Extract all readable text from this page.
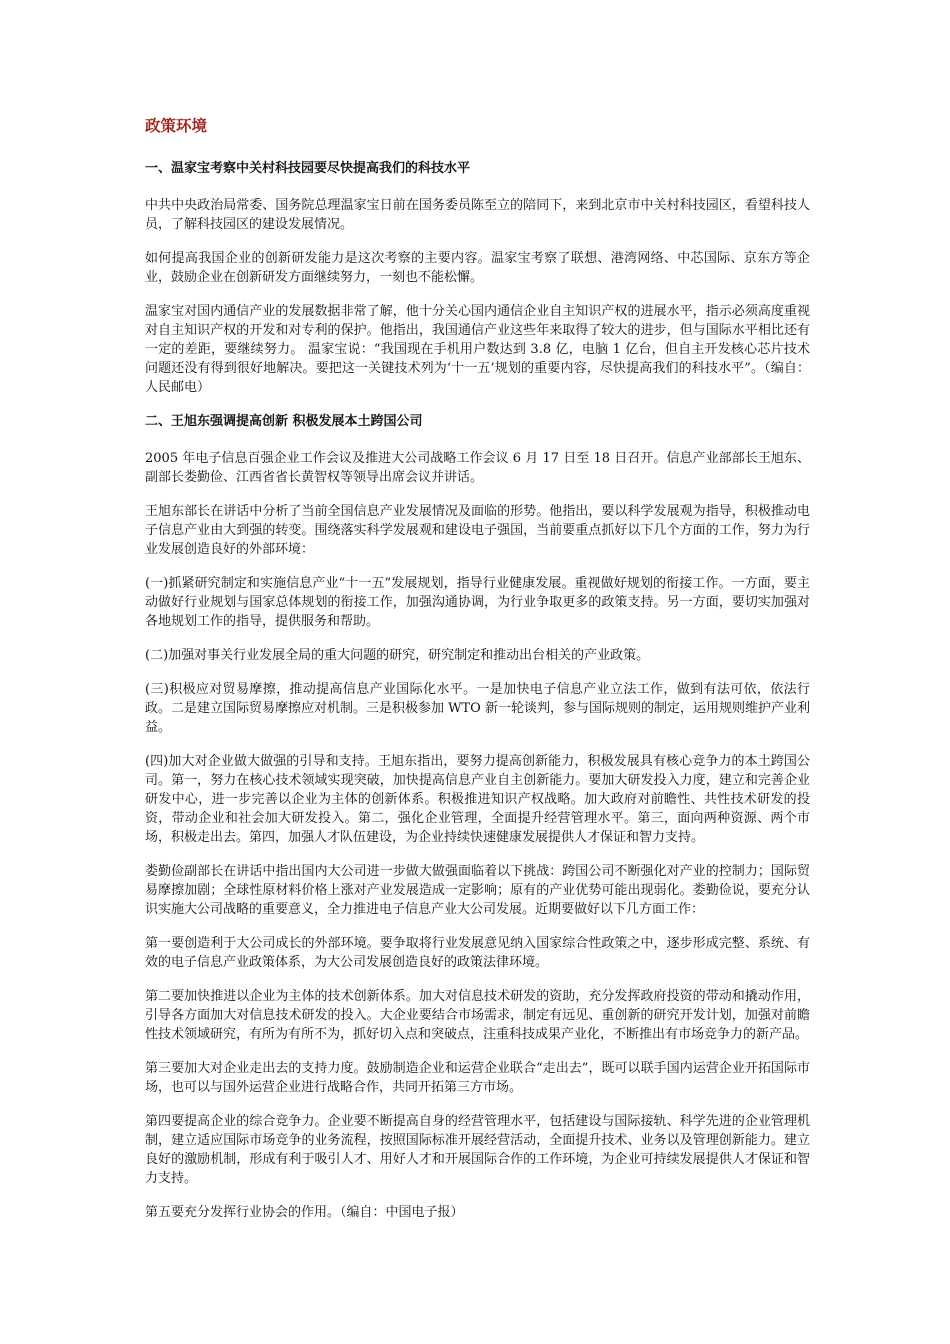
政策环境
一、温家宝考察中关村科技园要尽快提高我们的科技水平

中共中央政治局常委、国务院总理温家宝日前在国务委员陈至立的陪同下，来到北京市中关村科技园区，看望科技人员，了解科技园区的建设发展情况。

如何提高我国企业的创新研发能力是这次考察的主要内容。温家宝考察了联想、港湾网络、中芯国际、京东方等企业，鼓励企业在创新研发方面继续努力，一刻也不能松懈。

温家宝对国内通信产业的发展数据非常了解，他十分关心国内通信企业自主知识产权的进展水平，指示必须高度重视对自主知识产权的开发和对专利的保护。他指出，我国通信产业这些年来取得了较大的进步，但与国际水平相比还有一定的差距，要继续努力。 温家宝说：“我国现在手机用户数达到 3.8 亿，电脑 1 亿台，但自主开发核心芯片技术问题还没有得到很好地解决。要把这一关键技术列为‘十一五’规划的重要内容，尽快提高我们的科技水平”。（编自：人民邮电）

二、王旭东强调提高创新 积极发展本土跨国公司

2005 年电子信息百强企业工作会议及推进大公司战略工作会议 6 月 17 日至 18 日召开。信息产业部部长王旭东、副部长娄勤俭、江西省省长黄智权等领导出席会议并讲话。

王旭东部长在讲话中分析了当前全国信息产业发展情况及面临的形势。他指出，要以科学发展观为指导，积极推动电子信息产业由大到强的转变。围绕落实科学发展观和建设电子强国，当前要重点抓好以下几个方面的工作，努力为行业发展创造良好的外部环境：

(一)抓紧研究制定和实施信息产业“十一五”发展规划，指导行业健康发展。重视做好规划的衔接工作。一方面，要主动做好行业规划与国家总体规划的衔接工作，加强沟通协调，为行业争取更多的政策支持。另一方面，要切实加强对各地规划工作的指导，提供服务和帮助。

(二)加强对事关行业发展全局的重大问题的研究，研究制定和推动出台相关的产业政策。

(三)积极应对贸易摩擦，推动提高信息产业国际化水平。一是加快电子信息产业立法工作，做到有法可依，依法行政。二是建立国际贸易摩擦应对机制。三是积极参加 WTO 新一轮谈判，参与国际规则的制定，运用规则维护产业利益。

(四)加大对企业做大做强的引导和支持。王旭东指出，要努力提高创新能力，积极发展具有核心竞争力的本土跨国公司。第一，努力在核心技术领域实现突破，加快提高信息产业自主创新能力。要加大研发投入力度，建立和完善企业研发中心，进一步完善以企业为主体的创新体系。积极推进知识产权战略。加大政府对前瞻性、共性技术研发的投资，带动企业和社会加大研发投入。第二，强化企业管理，全面提升经营管理水平。第三，面向两种资源、两个市场，积极走出去。第四，加强人才队伍建设，为企业持续快速健康发展提供人才保证和智力支持。

娄勤俭副部长在讲话中指出国内大公司进一步做大做强面临着以下挑战：跨国公司不断强化对产业的控制力；国际贸易摩擦加剧；全球性原材料价格上涨对产业发展造成一定影响；原有的产业优势可能出现弱化。娄勤俭说，要充分认识实施大公司战略的重要意义，全力推进电子信息产业大公司发展。近期要做好以下几方面工作：

第一要创造利于大公司成长的外部环境。要争取将行业发展意见纳入国家综合性政策之中，逐步形成完整、系统、有效的电子信息产业政策体系，为大公司发展创造良好的政策法律环境。

第二要加快推进以企业为主体的技术创新体系。加大对信息技术研发的资助，充分发挥政府投资的带动和撬动作用，引导各方面加大对信息技术研发的投入。大企业要结合市场需求，制定有远见、重创新的研究开发计划，加强对前瞻性技术领域研究，有所为有所不为，抓好切入点和突破点，注重科技成果产业化，不断推出有市场竞争力的新产品。

第三要加大对企业走出去的支持力度。鼓励制造企业和运营企业联合“走出去”，既可以联手国内运营企业开拓国际市场，也可以与国外运营企业进行战略合作，共同开拓第三方市场。

第四要提高企业的综合竞争力。企业要不断提高自身的经营管理水平，包括建设与国际接轨、科学先进的企业管理机制，建立适应国际市场竞争的业务流程，按照国际标准开展经营活动，全面提升技术、业务以及管理创新能力。建立良好的激励机制，形成有利于吸引人才、用好人才和开展国际合作的工作环境，为企业可持续发展提供人才保证和智力支持。

第五要充分发挥行业协会的作用。（编自：中国电子报）
